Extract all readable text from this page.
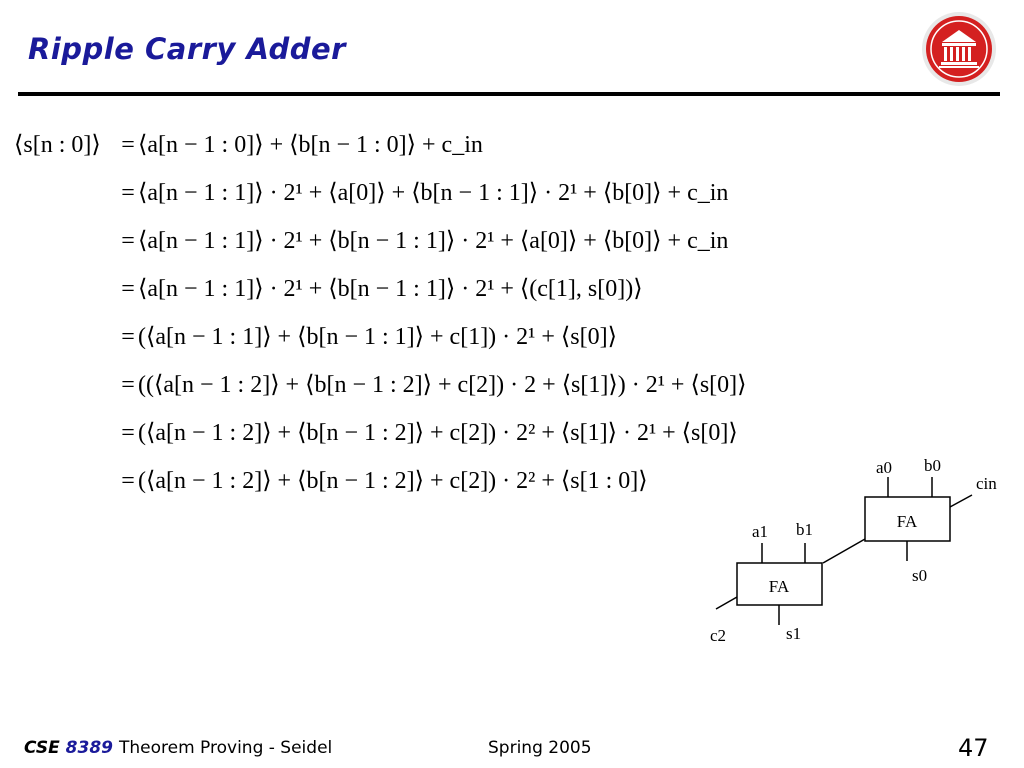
Ripple Carry Adder
⟨s[n : 0]⟩ = ⟨a[n − 1 : 0]⟩ + ⟨b[n − 1 : 0]⟩ + c_in
= ⟨a[n − 1 : 1]⟩ · 2¹ + ⟨a[0]⟩ + ⟨b[n − 1 : 1]⟩ · 2¹ + ⟨b[0]⟩ + c_in
= ⟨a[n − 1 : 1]⟩ · 2¹ + ⟨b[n − 1 : 1]⟩ · 2¹ + ⟨a[0]⟩ + ⟨b[0]⟩ + c_in
= ⟨a[n − 1 : 1]⟩ · 2¹ + ⟨b[n − 1 : 1]⟩ · 2¹ + ⟨(c[1], s[0])⟩
= (⟨a[n − 1 : 1]⟩ + ⟨b[n − 1 : 1]⟩ + c[1]) · 2¹ + ⟨s[0]⟩
= ((⟨a[n − 1 : 2]⟩ + ⟨b[n − 1 : 2]⟩ + c[2]) · 2 + ⟨s[1]⟩) · 2¹ + ⟨s[0]⟩
= (⟨a[n − 1 : 2]⟩ + ⟨b[n − 1 : 2]⟩ + c[2]) · 2² + ⟨s[1]⟩ · 2¹ + ⟨s[0]⟩
= (⟨a[n − 1 : 2]⟩ + ⟨b[n − 1 : 2]⟩ + c[2]) · 2² + ⟨s[1 : 0]⟩
FA
a0 b0
cin
s0
FA
a1 b1
c2	s1
CSE 8389 Theorem Proving - Seidel	Spring 2005	47
